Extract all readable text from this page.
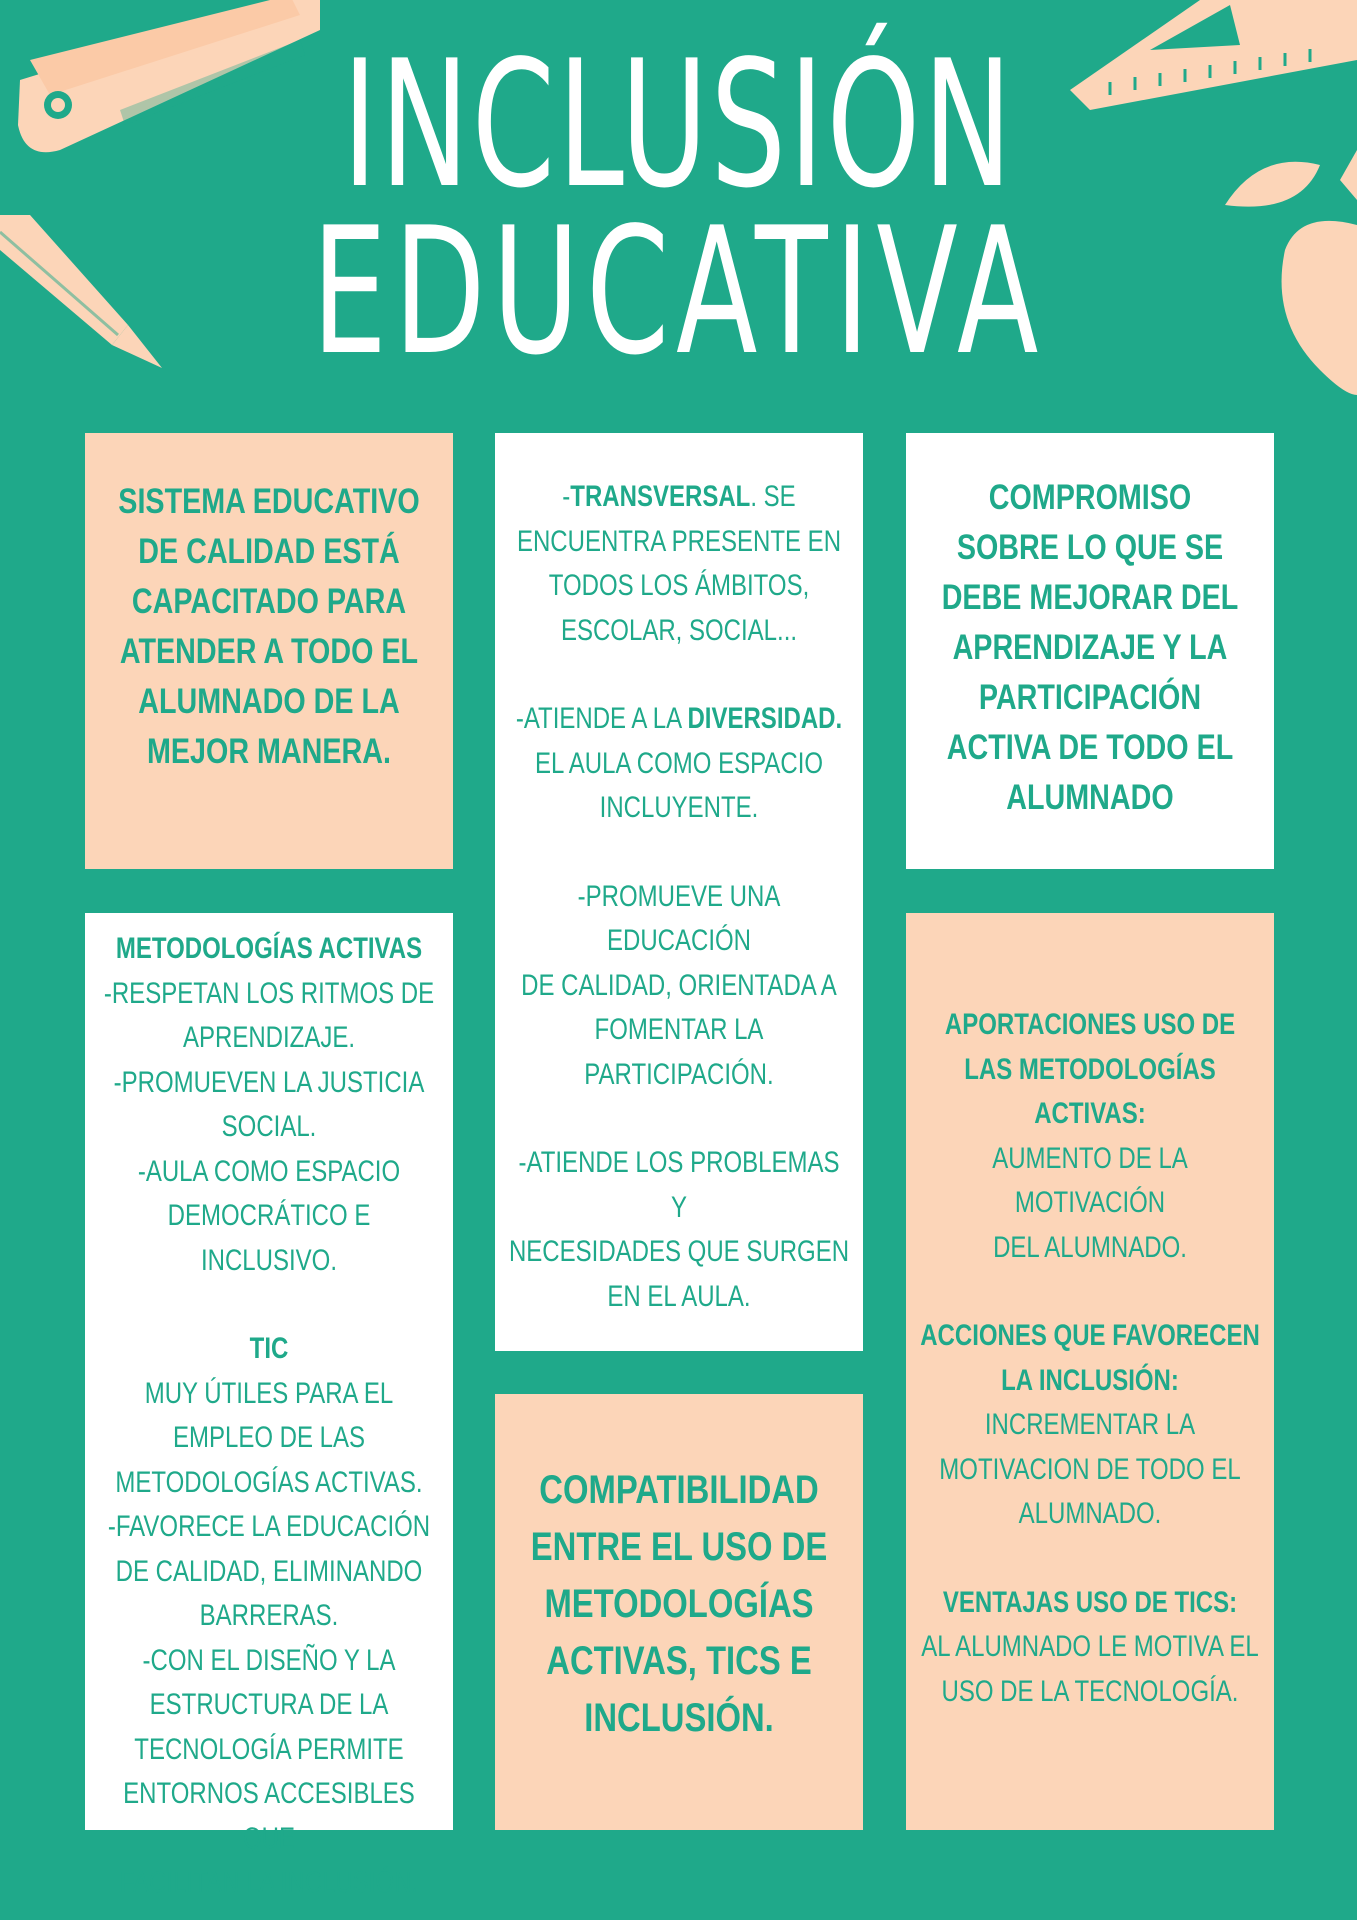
INCLUSIÓN
EDUCATIVA
SISTEMA EDUCATIVO
DE CALIDAD ESTÁ
CAPACITADO PARA
ATENDER A TODO EL
ALUMNADO DE LA
MEJOR MANERA.
-TRANSVERSAL. SE
ENCUENTRA PRESENTE EN
TODOS LOS ÁMBITOS,
ESCOLAR, SOCIAL...
-ATIENDE A LA DIVERSIDAD.
EL AULA COMO ESPACIO
INCLUYENTE.
-PROMUEVE UNA EDUCACIÓN
DE CALIDAD, ORIENTADA A
FOMENTAR LA
PARTICIPACIÓN.
-ATIENDE LOS PROBLEMAS Y
NECESIDADES QUE SURGEN
EN EL AULA.
COMPROMISO
SOBRE LO QUE SE
DEBE MEJORAR DEL
APRENDIZAJE Y LA
PARTICIPACIÓN
ACTIVA DE TODO EL
ALUMNADO
METODOLOGÍAS ACTIVAS
-RESPETAN LOS RITMOS DE
APRENDIZAJE.
-PROMUEVEN LA JUSTICIA
SOCIAL.
-AULA COMO ESPACIO
DEMOCRÁTICO E INCLUSIVO.
TIC
MUY ÚTILES PARA EL
EMPLEO DE LAS
METODOLOGÍAS ACTIVAS.
-FAVORECE LA EDUCACIÓN
DE CALIDAD, ELIMINANDO
BARRERAS.
-CON EL DISEÑO Y LA
ESTRUCTURA DE LA
TECNOLOGÍA PERMITE
ENTORNOS ACCESIBLES QUE
FACILITAN LA INCLUSIÓN.
COMPATIBILIDAD
ENTRE EL USO DE
METODOLOGÍAS
ACTIVAS, TICS E
INCLUSIÓN.
APORTACIONES USO DE
LAS METODOLOGÍAS
ACTIVAS:
AUMENTO DE LA MOTIVACIÓN
DEL ALUMNADO.
ACCIONES QUE FAVORECEN
LA INCLUSIÓN:
INCREMENTAR LA
MOTIVACION DE TODO EL
ALUMNADO.
VENTAJAS USO DE TICS:
AL ALUMNADO LE MOTIVA EL
USO DE LA TECNOLOGÍA.
